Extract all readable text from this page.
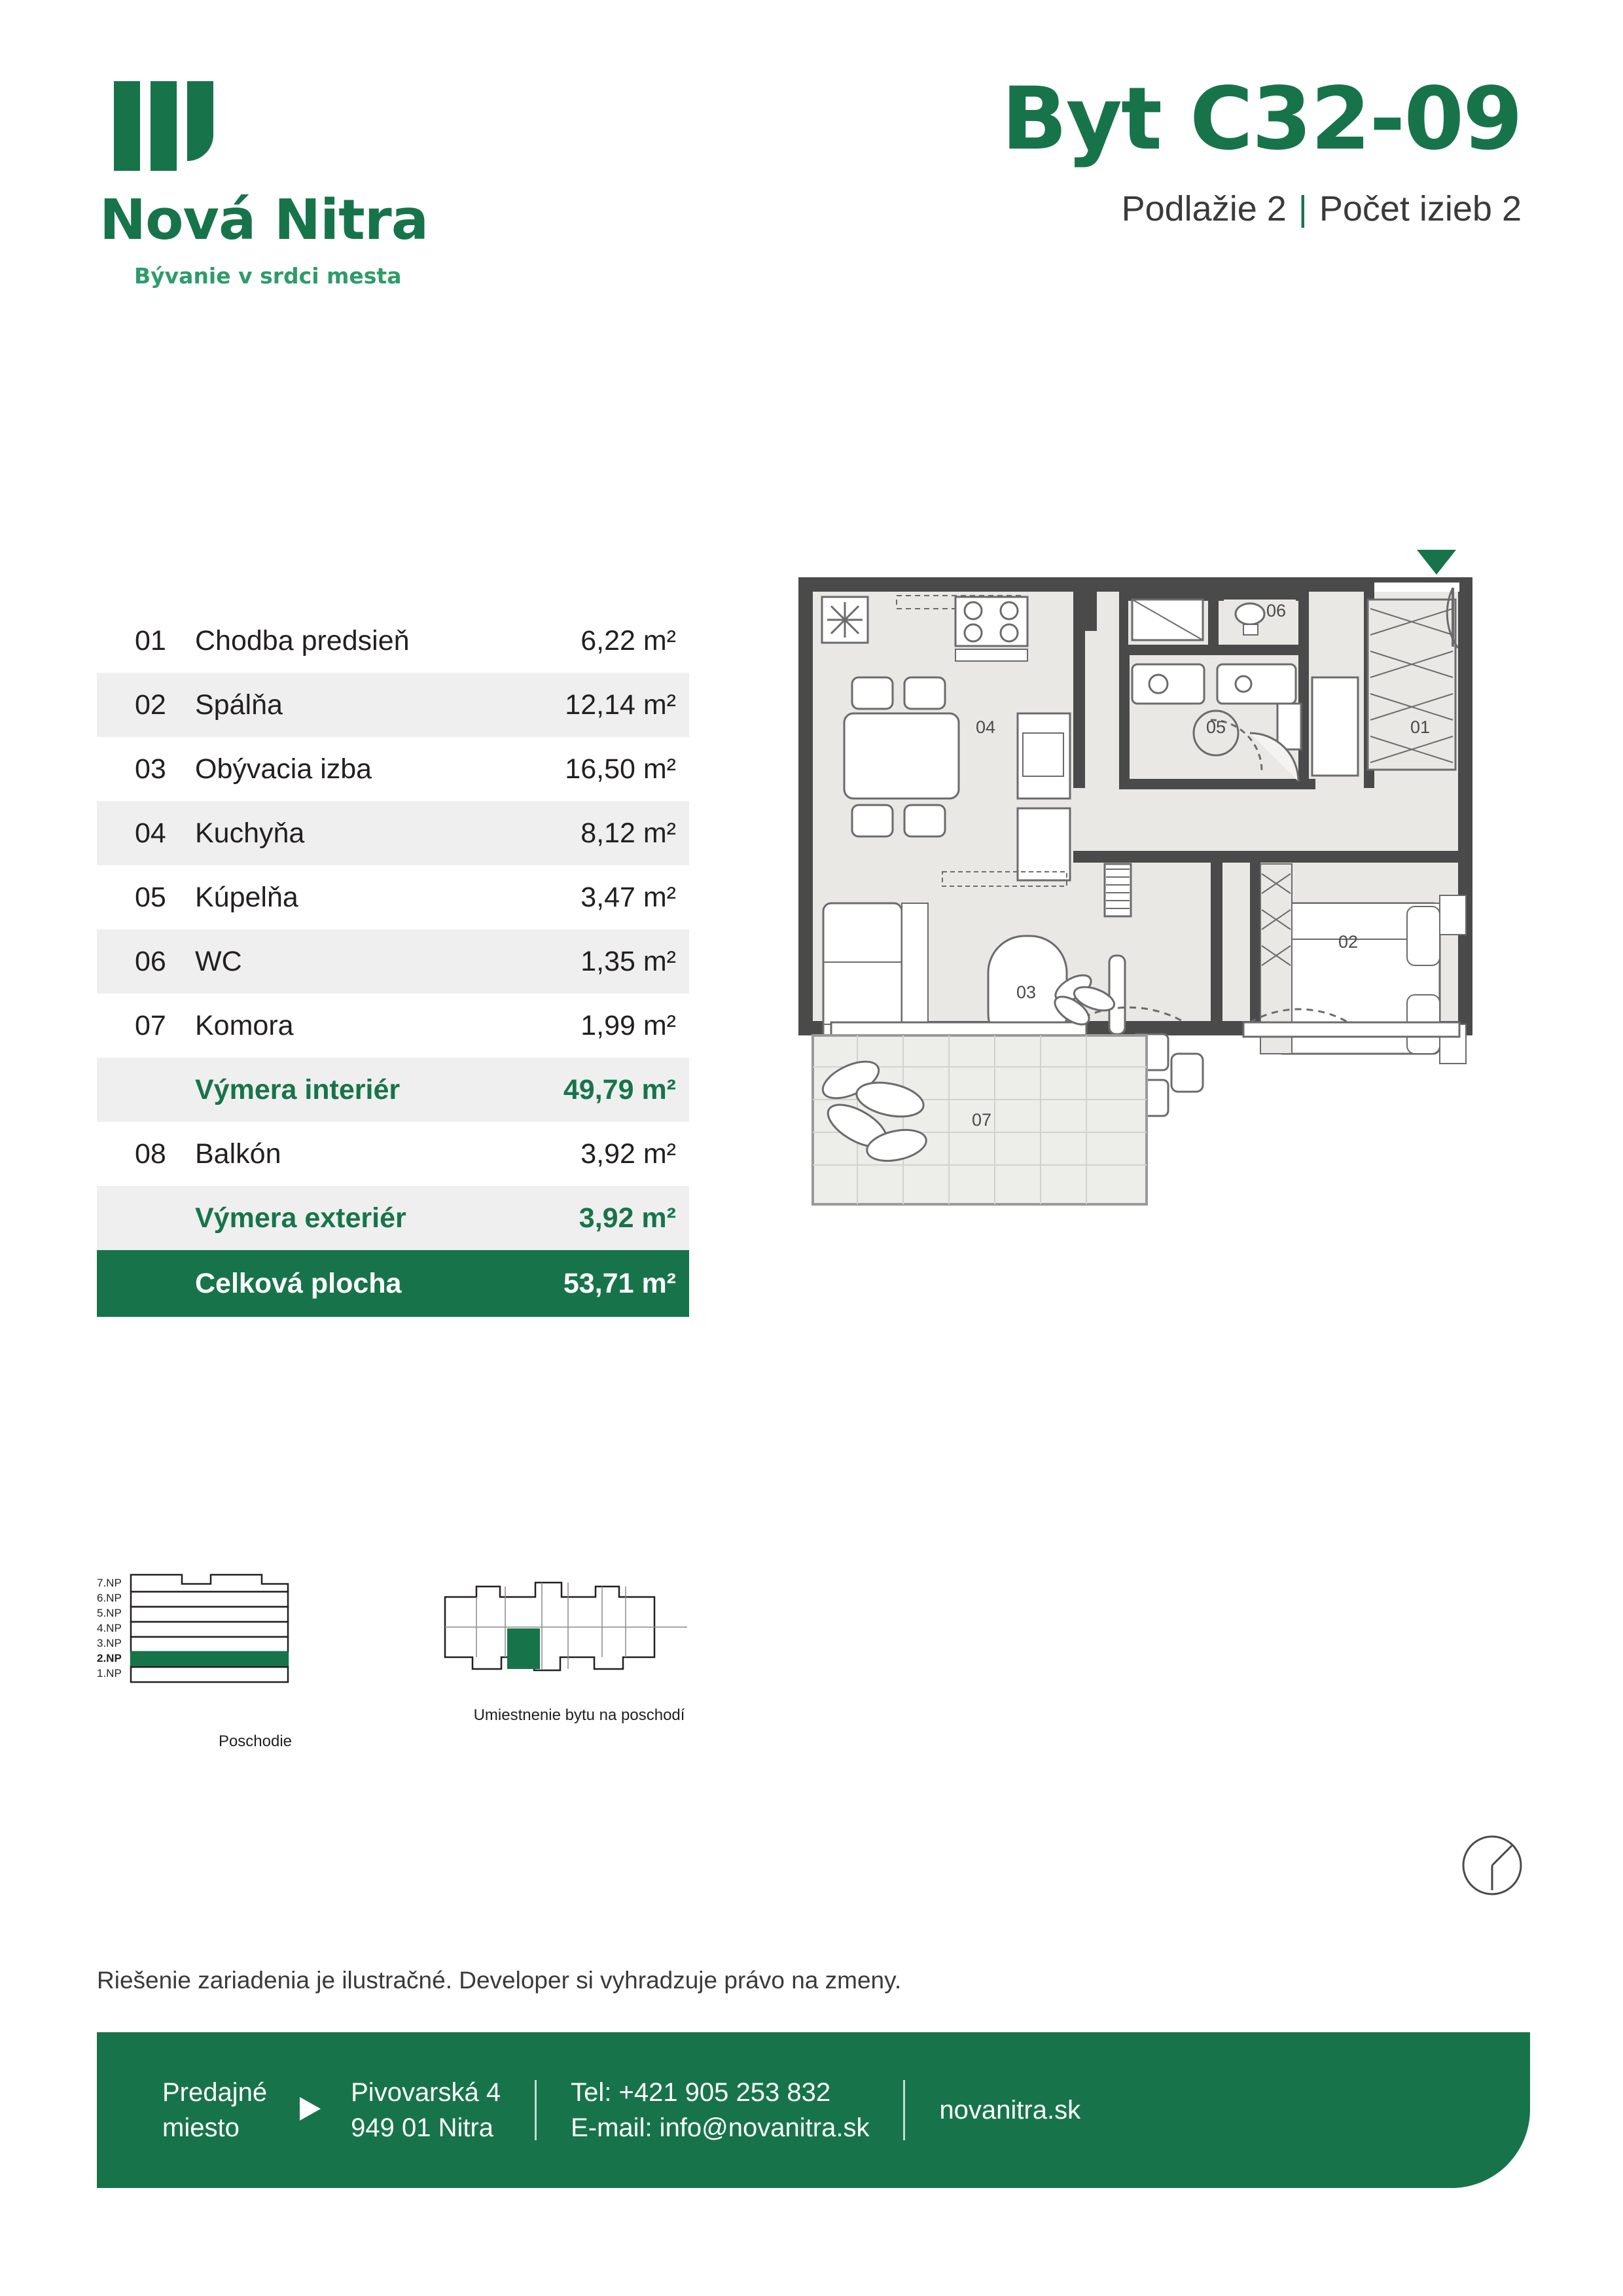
Nová Nitra
Bývanie v srdci mesta
Byt C32-09
Podlažie 2 | Počet izieb 2
01	Chodba predsieň	6,22 m²
02	Spálňa	12,14 m²
03	Obývacia izba	16,50 m²
04	Kuchyňa	8,12 m²
05	Kúpelňa	3,47 m²
06	WC	1,35 m²
07	Komora	1,99 m²
Výmera interiér	49,79 m²
08	Balkón	3,92 m²
Výmera exteriér	3,92 m²
Celková plocha	53,71 m²
01
02
03
04	05
06
07
7.NP
6.NP
5.NP
4.NP
3.NP
2.NP
1.NP
Poschodie
Umiestnenie bytu na poschodí
Riešenie zariadenia je ilustračné. Developer si vyhradzuje právo na zmeny.
Predajné
miesto
Pivovarská 4
949 01 Nitra
Tel: +421 905 253 832
E-mail: info@novanitra.sk
novanitra.sk
